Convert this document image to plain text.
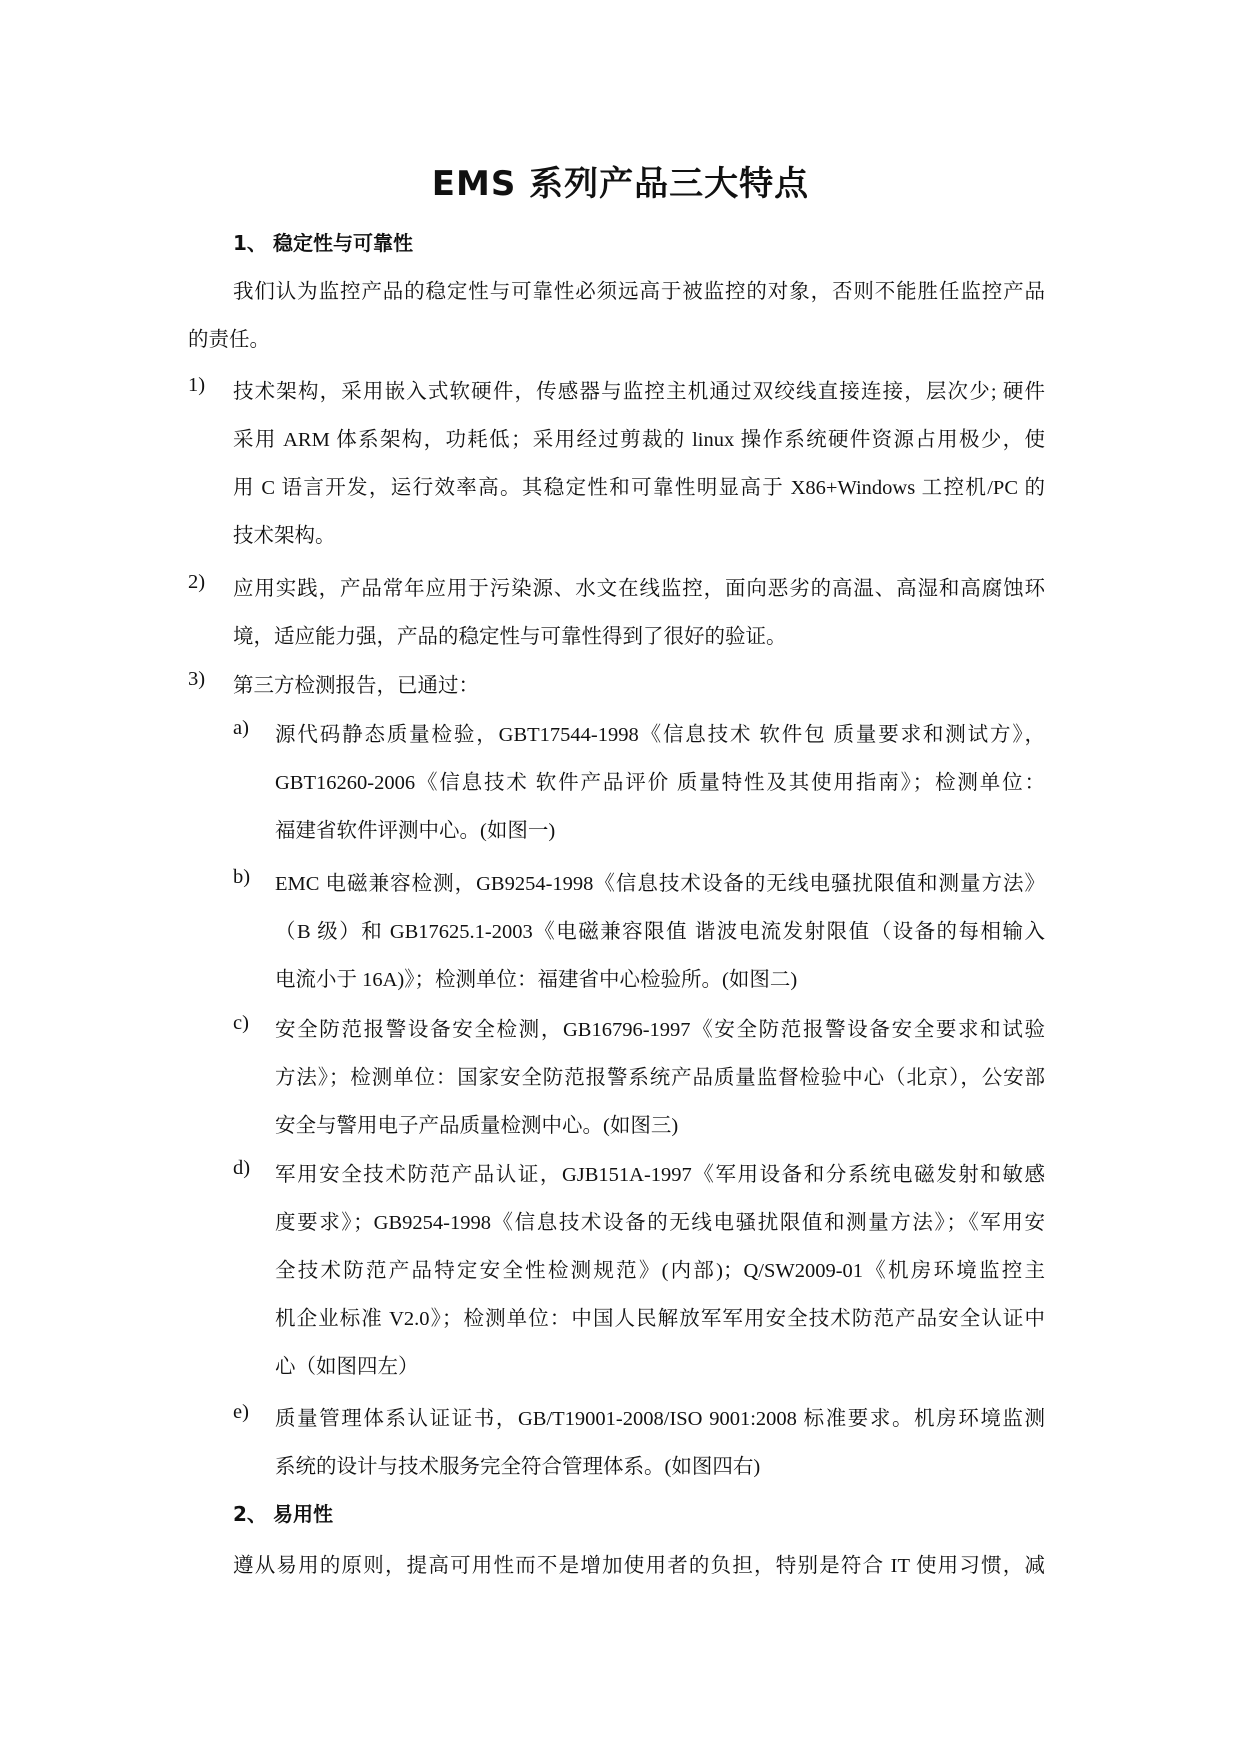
EMS 系列产品三大特点
1、 稳定性与可靠性
我们认为监控产品的稳定性与可靠性必须远高于被监控的对象，否则不能胜任监控产品
的责任。
1) 技术架构，采用嵌入式软硬件，传感器与监控主机通过双绞线直接连接，层次少; 硬件
采用 ARM 体系架构，功耗低；采用经过剪裁的 linux 操作系统硬件资源占用极少，使
用 C 语言开发，运行效率高。其稳定性和可靠性明显高于 X86+Windows 工控机/PC 的
技术架构。
2) 应用实践，产品常年应用于污染源、水文在线监控，面向恶劣的高温、高湿和高腐蚀环
境，适应能力强，产品的稳定性与可靠性得到了很好的验证。
3) 第三方检测报告，已通过：
a) 源代码静态质量检验，GBT17544-1998《信息技术 软件包 质量要求和测试方》，
GBT16260-2006《信息技术 软件产品评价 质量特性及其使用指南》；检测单位：
福建省软件评测中心。(如图一)
b) EMC 电磁兼容检测，GB9254-1998《信息技术设备的无线电骚扰限值和测量方法》
（B 级）和 GB17625.1-2003《电磁兼容限值 谐波电流发射限值（设备的每相输入
电流小于 16A)》；检测单位：福建省中心检验所。(如图二)
c) 安全防范报警设备安全检测，GB16796-1997《安全防范报警设备安全要求和试验
方法》；检测单位：国家安全防范报警系统产品质量监督检验中心（北京），公安部
安全与警用电子产品质量检测中心。(如图三)
d) 军用安全技术防范产品认证，GJB151A-1997《军用设备和分系统电磁发射和敏感
度要求》；GB9254-1998《信息技术设备的无线电骚扰限值和测量方法》；《军用安
全技术防范产品特定安全性检测规范》(内部)；Q/SW2009-01《机房环境监控主
机企业标准 V2.0》；检测单位：中国人民解放军军用安全技术防范产品安全认证中
心（如图四左）
e) 质量管理体系认证证书，GB/T19001-2008/ISO 9001:2008 标准要求。机房环境监测
系统的设计与技术服务完全符合管理体系。(如图四右)
2、 易用性
遵从易用的原则，提高可用性而不是增加使用者的负担，特别是符合 IT 使用习惯，减
